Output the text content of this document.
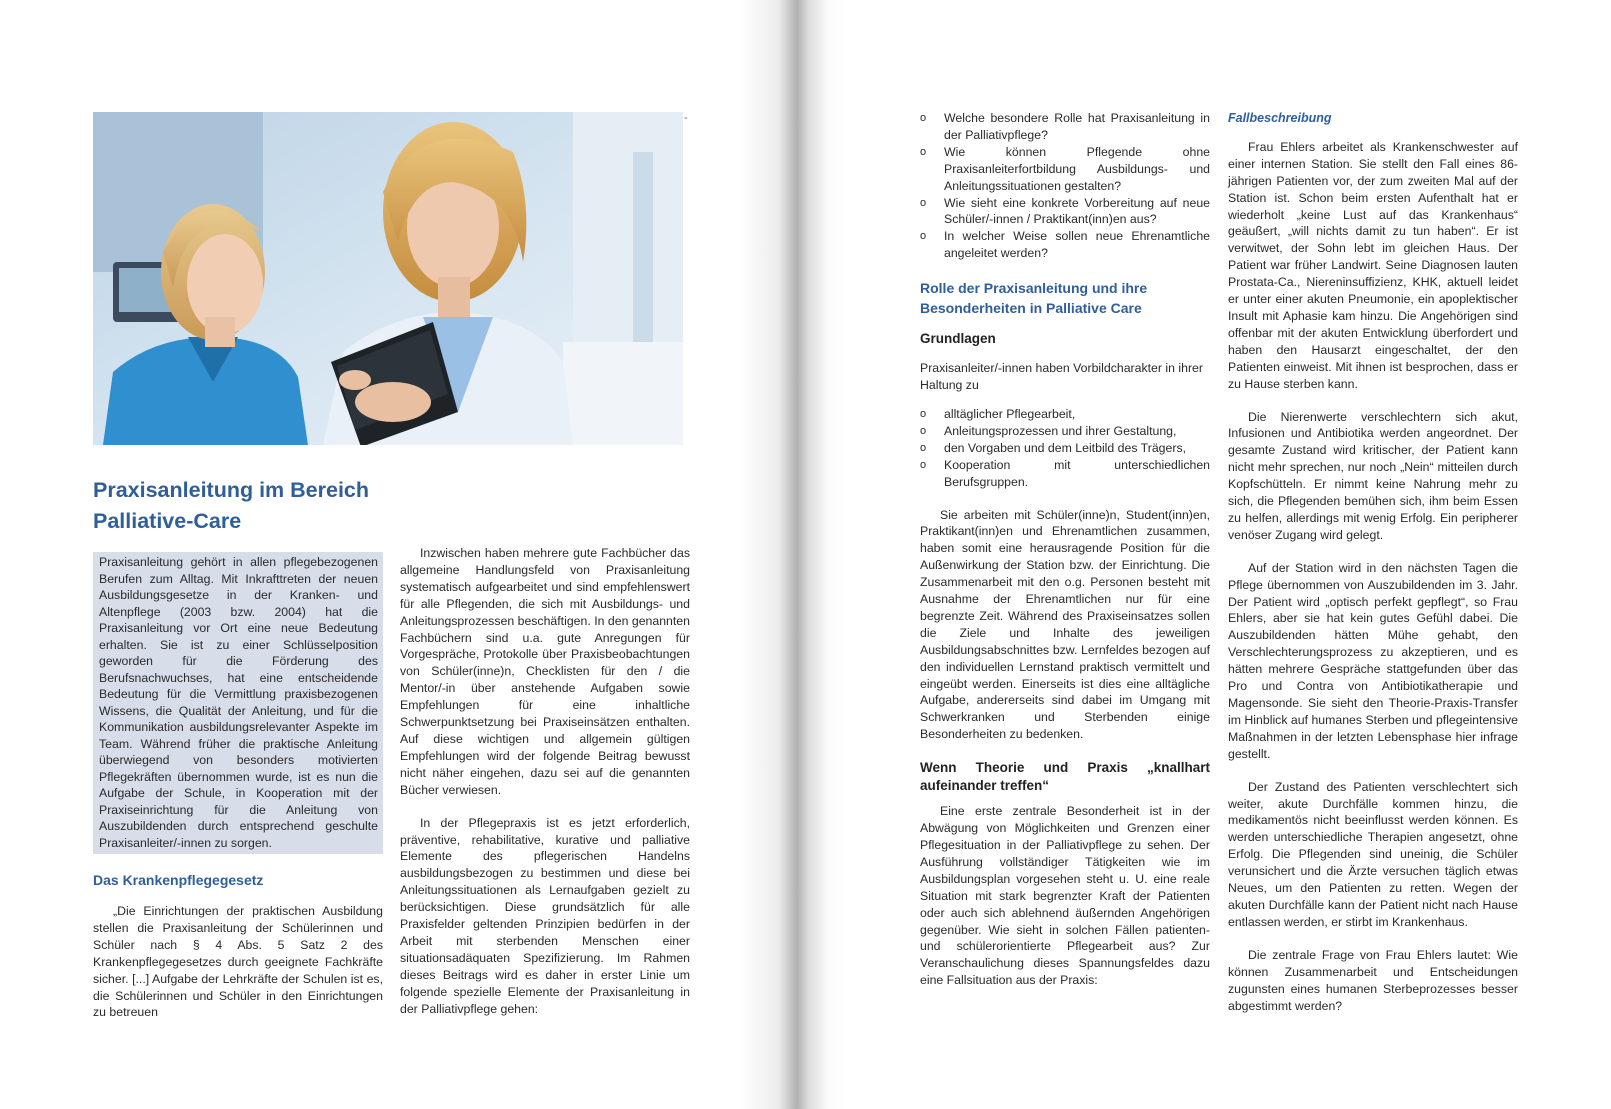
-
Praxisanleitung im Bereich
Palliative-Care

Praxisanleitung gehört in allen pflegebezogenen Berufen zum Alltag. Mit Inkrafttreten der neuen Ausbildungsgesetze in der Kranken- und Altenpflege (2003 bzw. 2004) hat die Praxisanleitung vor Ort eine neue Bedeutung erhalten. Sie ist zu einer Schlüsselposition geworden für die Förderung des Berufsnachwuchses, hat eine entscheidende Bedeutung für die Vermittlung praxisbezogenen Wissens, die Qualität der Anleitung, und für die Kommunikation ausbildungsrelevanter Aspekte im Team. Während früher die praktische Anleitung überwiegend von besonders motivierten Pflegekräften übernommen wurde, ist es nun die Aufgabe der Schule, in Kooperation mit der Praxiseinrichtung für die Anleitung von Auszubildenden durch entsprechend geschulte Praxisanleiter/-innen zu sorgen.

Das Krankenpflegegesetz

„Die Einrichtungen der praktischen Ausbildung stellen die Praxisanleitung der Schülerinnen und Schüler nach § 4 Abs. 5 Satz 2 des Krankenpflegegesetzes durch geeignete Fachkräfte sicher. [...] Aufgabe der Lehrkräfte der Schulen ist es, die Schülerinnen und Schüler in den Einrichtungen zu betreuen

Inzwischen haben mehrere gute Fachbücher das allgemeine Handlungsfeld von Praxisanleitung systematisch aufgearbeitet und sind empfehlenswert für alle Pflegenden, die sich mit Ausbildungs- und Anleitungsprozessen beschäftigen. In den genannten Fachbüchern sind u.a. gute Anregungen für Vorgespräche, Protokolle über Praxisbeobachtungen von Schüler(inne)n, Checklisten für den / die Mentor/-in über anstehende Aufgaben sowie Empfehlungen für eine inhaltliche Schwerpunktsetzung bei Praxiseinsätzen enthalten. Auf diese wichtigen und allgemein gültigen Empfehlungen wird der folgende Beitrag bewusst nicht näher eingehen, dazu sei auf die genannten Bücher verwiesen.

In der Pflegepraxis ist es jetzt erforderlich, präventive, rehabilitative, kurative und palliative Elemente des pflegerischen Handelns ausbildungsbezogen zu bestimmen und diese bei Anleitungssituationen als Lernaufgaben gezielt zu berücksichtigen. Diese grundsätzlich für alle Praxisfelder geltenden Prinzipien bedürfen in der Arbeit mit sterbenden Menschen einer situationsadäquaten Spezifizierung. Im Rahmen dieses Beitrags wird es daher in erster Linie um folgende spezielle Elemente der Praxisanleitung in der Palliativpflege gehen:

o Welche besondere Rolle hat Praxisanleitung in der Palliativpflege?
o Wie können Pflegende ohne Praxisanleiterfortbildung Ausbildungs- und Anleitungssituationen gestalten?
o Wie sieht eine konkrete Vorbereitung auf neue Schüler/-innen / Praktikant(inn)en aus?
o In welcher Weise sollen neue Ehrenamtliche angeleitet werden?

Rolle der Praxisanleitung und ihre Besonderheiten in Palliative Care

Grundlagen

Praxisanleiter/-innen haben Vorbildcharakter in ihrer Haltung zu

o alltäglicher Pflegearbeit,
o Anleitungsprozessen und ihrer Gestaltung,
o den Vorgaben und dem Leitbild des Trägers,
o Kooperation mit unterschiedlichen Berufsgruppen.

Sie arbeiten mit Schüler(inne)n, Student(inn)en, Praktikant(inn)en und Ehrenamtlichen zusammen, haben somit eine herausragende Position für die Außenwirkung der Station bzw. der Einrichtung. Die Zusammenarbeit mit den o.g. Personen besteht mit Ausnahme der Ehrenamtlichen nur für eine begrenzte Zeit. Während des Praxiseinsatzes sollen die Ziele und Inhalte des jeweiligen Ausbildungsabschnittes bzw. Lernfeldes bezogen auf den individuellen Lernstand praktisch vermittelt und eingeübt werden. Einerseits ist dies eine alltägliche Aufgabe, andererseits sind dabei im Umgang mit Schwerkranken und Sterbenden einige Besonderheiten zu bedenken.

Wenn Theorie und Praxis „knallhart aufeinander treffen“

Eine erste zentrale Besonderheit ist in der Abwägung von Möglichkeiten und Grenzen einer Pflegesituation in der Palliativpflege zu sehen. Der Ausführung vollständiger Tätigkeiten wie im Ausbildungsplan vorgesehen steht u. U. eine reale Situation mit stark begrenzter Kraft der Patienten oder auch sich ablehnend äußernden Angehörigen gegenüber. Wie sieht in solchen Fällen patienten- und schülerorientierte Pflegearbeit aus? Zur Veranschaulichung dieses Spannungsfeldes dazu eine Fallsituation aus der Praxis:

Fallbeschreibung

Frau Ehlers arbeitet als Krankenschwester auf einer internen Station. Sie stellt den Fall eines 86-jährigen Patienten vor, der zum zweiten Mal auf der Station ist. Schon beim ersten Aufenthalt hat er wiederholt „keine Lust auf das Krankenhaus“ geäußert, „will nichts damit zu tun haben“. Er ist verwitwet, der Sohn lebt im gleichen Haus. Der Patient war früher Landwirt. Seine Diagnosen lauten Prostata-Ca., Niereninsuffizienz, KHK, aktuell leidet er unter einer akuten Pneumonie, ein apoplektischer Insult mit Aphasie kam hinzu. Die Angehörigen sind offenbar mit der akuten Entwicklung überfordert und haben den Hausarzt eingeschaltet, der den Patienten einweist. Mit ihnen ist besprochen, dass er zu Hause sterben kann.

Die Nierenwerte verschlechtern sich akut, Infusionen und Antibiotika werden angeordnet. Der gesamte Zustand wird kritischer, der Patient kann nicht mehr sprechen, nur noch „Nein“ mitteilen durch Kopfschütteln. Er nimmt keine Nahrung mehr zu sich, die Pflegenden bemühen sich, ihm beim Essen zu helfen, allerdings mit wenig Erfolg. Ein peripherer venöser Zugang wird gelegt.

Auf der Station wird in den nächsten Tagen die Pflege übernommen von Auszubildenden im 3. Jahr. Der Patient wird „optisch perfekt gepflegt“, so Frau Ehlers, aber sie hat kein gutes Gefühl dabei. Die Auszubildenden hätten Mühe gehabt, den Verschlechterungsprozess zu akzeptieren, und es hätten mehrere Gespräche stattgefunden über das Pro und Contra von Antibiotikatherapie und Magensonde. Sie sieht den Theorie-Praxis-Transfer im Hinblick auf humanes Sterben und pflegeintensive Maßnahmen in der letzten Lebensphase hier infrage gestellt.

Der Zustand des Patienten verschlechtert sich weiter, akute Durchfälle kommen hinzu, die medikamentös nicht beeinflusst werden können. Es werden unterschiedliche Therapien angesetzt, ohne Erfolg. Die Pflegenden sind uneinig, die Schüler verunsichert und die Ärzte versuchen täglich etwas Neues, um den Patienten zu retten. Wegen der akuten Durchfälle kann der Patient nicht nach Hause entlassen werden, er stirbt im Krankenhaus.

Die zentrale Frage von Frau Ehlers lautet: Wie können Zusammenarbeit und Entscheidungen zugunsten eines humanen Sterbeprozesses besser abgestimmt werden?
